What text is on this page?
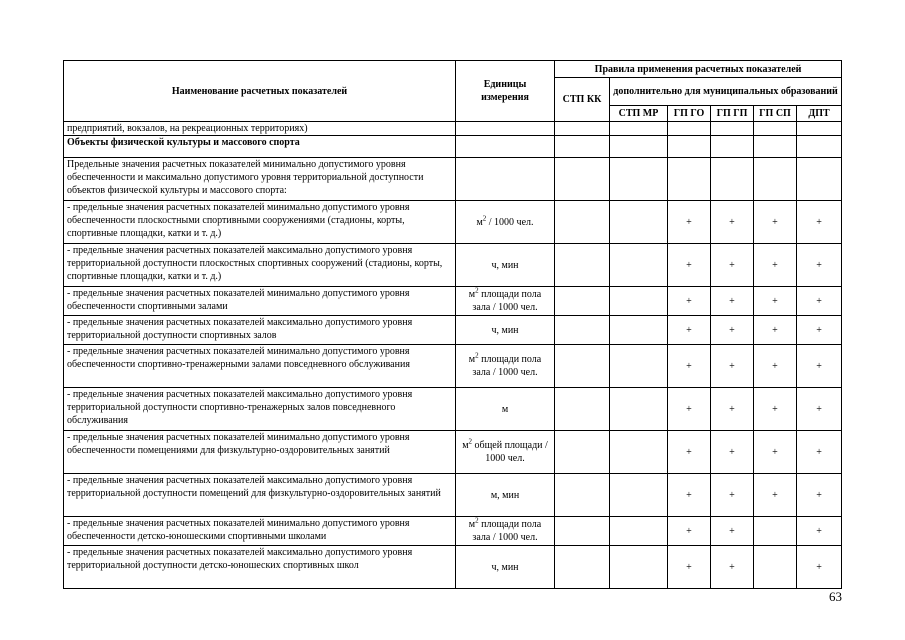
Наименование расчетных показателей	Единицы измерения	Правила применения расчетных показателей					
		СТП КК	дополнительно для муниципальных образований				
			СТП МР	ГП ГО	ГП ГП	ГП СП	ДПТ
предприятий, вокзалов, на рекреационных территориях)							
Объекты физической культуры и массового спорта							
Предельные значения расчетных показателей минимально допустимого уровня обеспеченности и максимально допустимого уровня территориальной доступности объектов физической культуры и массового спорта:							
- предельные значения расчетных показателей минимально допустимого уровня обеспеченности плоскостными спортивными сооружениями (стадионы, корты, спортивные площадки, катки и т. д.)	$м^2 / 1000$ чел.			+	+	+	+
- предельные значения расчетных показателей максимально допустимого уровня территориальной доступности плоскостных спортивных сооружений (стадионы, корты, спортивные площадки, катки и т. д.)	ч, мин			+	+	+	+
- предельные значения расчетных показателей минимально допустимого уровня обеспеченности спортивными залами	$м^2$ площади пола зала / 1000 чел.			+	+	+	+
- предельные значения расчетных показателей максимально допустимого уровня территориальной доступности спортивных залов	ч, мин			+	+	+	+
- предельные значения расчетных показателей минимально допустимого уровня обеспеченности спортивно-тренажерными залами повседневного обслуживания	$м^2$ площади пола зала / 1000 чел.			+	+	+	+
- предельные значения расчетных показателей максимально допустимого уровня территориальной доступности спортивно-тренажерных залов повседневного обслуживания	м			+	+	+	+
- предельные значения расчетных показателей минимально допустимого уровня обеспеченности помещениями для физкультурно-оздоровительных занятий	$м^2$ общей площади / 1000 чел.			+	+	+	+
- предельные значения расчетных показателей максимально допустимого уровня территориальной доступности помещений для физкультурно-оздоровительных занятий	м, мин			+	+	+	+
- предельные значения расчетных показателей минимально допустимого уровня обеспеченности детско-юношескими спортивными школами	$м^2$ площади пола зала / 1000 чел.			+	+		+
- предельные значения расчетных показателей максимально допустимого уровня территориальной доступности детско-юношеских спортивных школ	ч, мин			+	+		+
63
